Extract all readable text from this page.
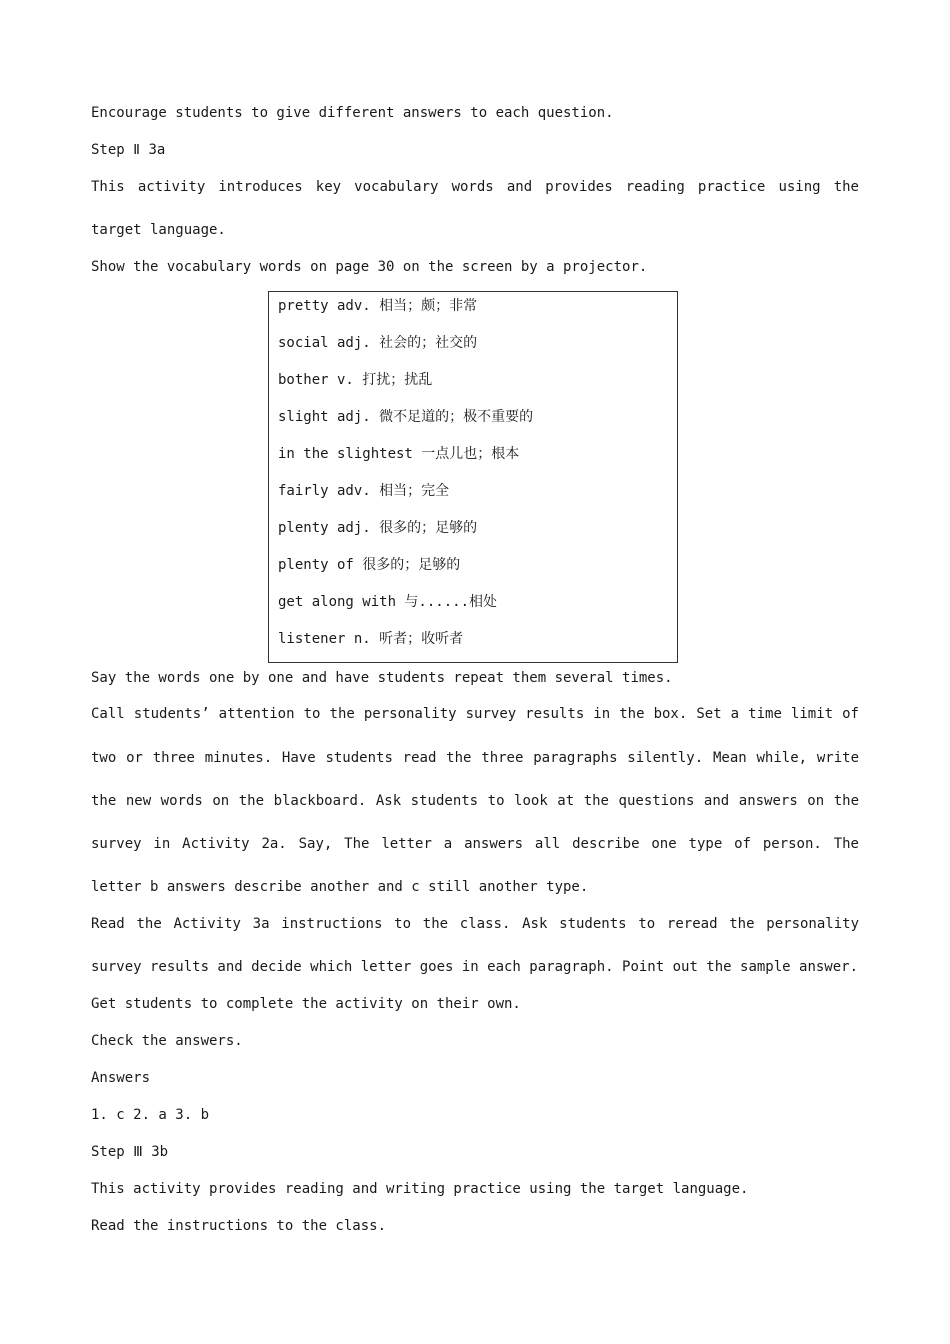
Encourage students to give different answers to each question.
Step Ⅱ 3a
This activity introduces key vocabulary words and provides reading practice using the
target language.
Show the vocabulary words on page 30 on the screen by a projector.
Say the words one by one and have students repeat them several times.
Call students’ attention to the personality survey results in the box. Set a time limit of
two or three minutes. Have students read the three paragraphs silently. Mean while, write
the new words on the blackboard. Ask students to look at the questions and answers on the
survey in Activity 2a. Say, The letter a answers all describe one type of person. The
letter b answers describe another and c still another type.
Read the Activity 3a instructions to the class. Ask students to reread the personality
survey results and decide which letter goes in each paragraph. Point out the sample answer.
Get students to complete the activity on their own.
Check the answers.
Answers
1. c 2. a 3. b
Step Ⅲ 3b
This activity provides reading and writing practice using the target language.
Read the instructions to the class.
pretty adv. 相当；颇；非常
social adj. 社会的；社交的
bother v. 打扰；扰乱
slight adj. 微不足道的；极不重要的
in the slightest 一点儿也；根本
fairly adv. 相当；完全
plenty adj. 很多的；足够的
plenty of 很多的；足够的
get along with 与......相处
listener n. 听者；收听者
